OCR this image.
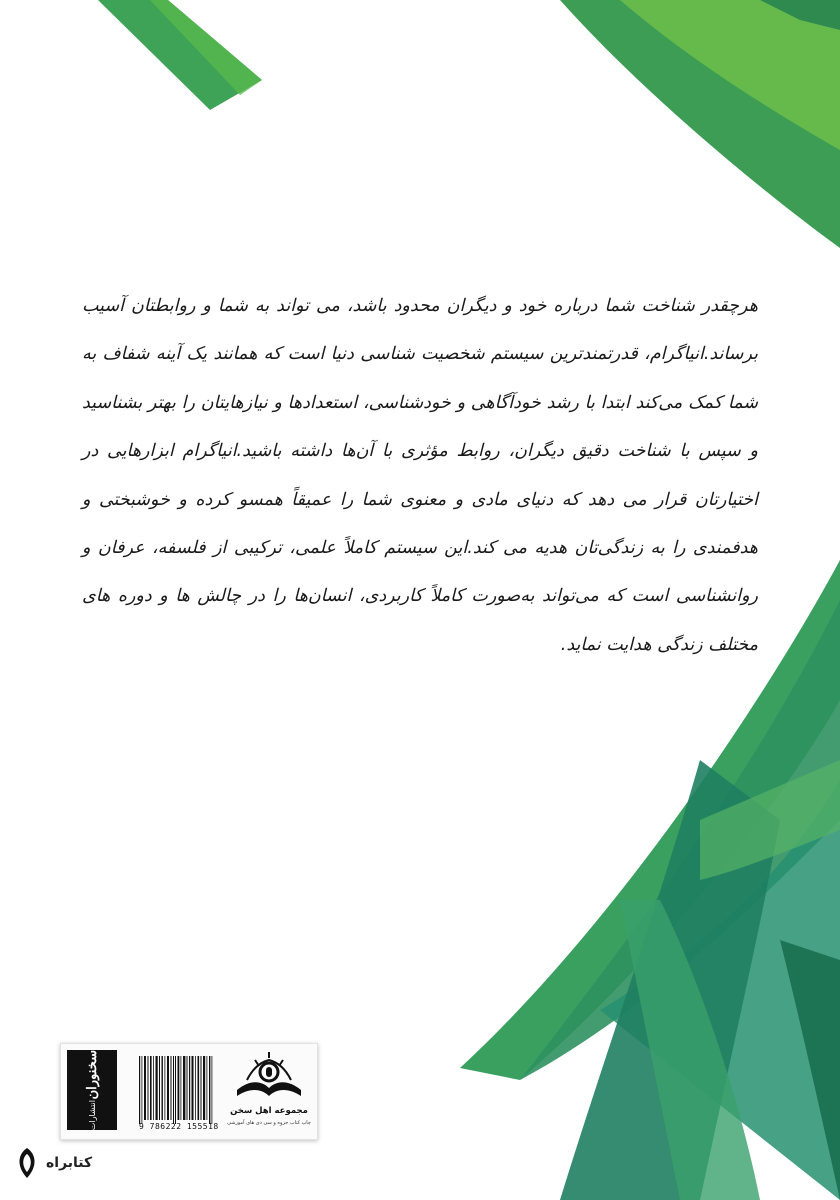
هرچقدر شناخت شما درباره خود و دیگران محدود باشد، می تواند به شما و روابطتان آسیب برساند.انیاگرام، قدرتمندترین سیستم شخصیت شناسی دنیا است که همانند یک آینه شفاف به شما کمک می‌کند ابتدا با رشد خودآگاهی و خودشناسی، استعدادها و نیازهایتان را بهتر بشناسید و سپس با شناخت دقیق دیگران، روابط مؤثری با آن‌ها داشته باشید.انیاگرام ابزارهایی در اختیارتان قرار می دهد که دنیای مادی و معنوی شما را عمیقاً همسو کرده و خوشبختی و هدفمندی را به زندگی‌تان هدیه می کند.این سیستم کاملاً علمی، ترکیبی از فلسفه، عرفان و روانشناسی است که می‌تواند به‌صورت کاملاً کاربردی، انسان‌ها را در چالش ها و دوره های مختلف زندگی هدایت نماید.
سخنوران
انتشارات	9 786222 155518
مجموعه اهل سخن
چاپ کتاب جزوه و سی دی های آموزشی
کتابراه
